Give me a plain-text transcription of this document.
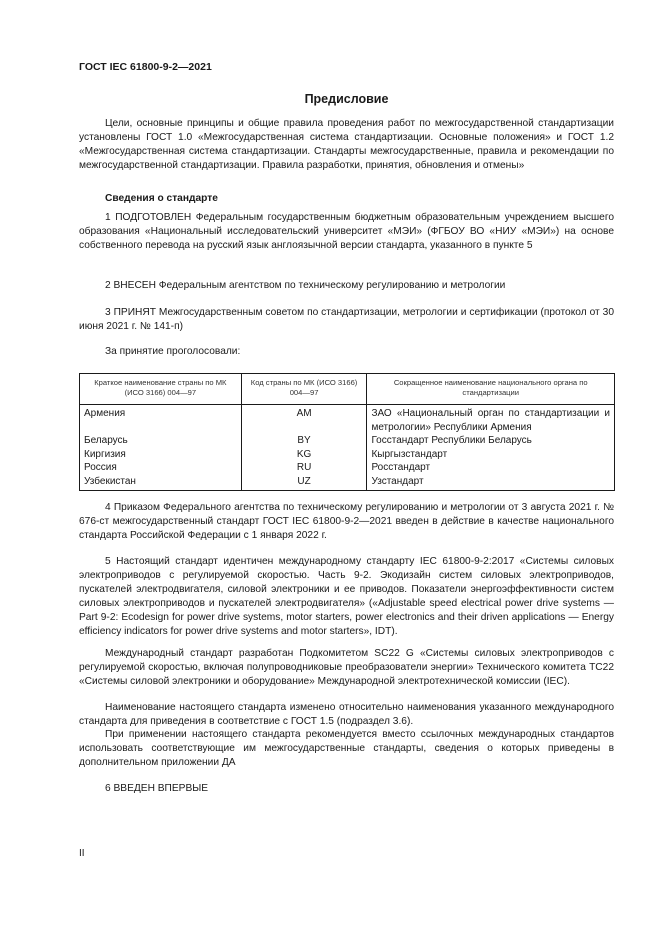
ГОСТ IEC 61800-9-2—2021
Предисловие

Цели, основные принципы и общие правила проведения работ по межгосударственной стандартизации установлены ГОСТ 1.0 «Межгосударственная система стандартизации. Основные положения» и ГОСТ 1.2 «Межгосударственная система стандартизации. Стандарты межгосударственные, правила и рекомендации по межгосударственной стандартизации. Правила разработки, принятия, обновления и отмены»

Сведения о стандарте

1 ПОДГОТОВЛЕН Федеральным государственным бюджетным образовательным учреждением высшего образования «Национальный исследовательский университет «МЭИ» (ФГБОУ ВО «НИУ «МЭИ») на основе собственного перевода на русский язык англоязычной версии стандарта, указанного в пункте 5

2 ВНЕСЕН Федеральным агентством по техническому регулированию и метрологии

3 ПРИНЯТ Межгосударственным советом по стандартизации, метрологии и сертификации (протокол от 30 июня 2021 г. № 141-п)

За принятие проголосовали:
Краткое наименование страны по МК (ИСО 3166) 004—97	Код страны по МК (ИСО 3166) 004—97	Сокращенное наименование национального органа по стандартизации
Армения	AM	ЗАО «Национальный орган по стандартизации и метрологии» Республики Армения
Беларусь	BY	Госстандарт Республики Беларусь
Киргизия	KG	Кыргызстандарт
Россия	RU	Росстандарт
Узбекистан	UZ	Узстандарт

4 Приказом Федерального агентства по техническому регулированию и метрологии от 3 августа 2021 г. № 676-ст межгосударственный стандарт ГОСТ IEC 61800-9-2—2021 введен в действие в качестве национального стандарта Российской Федерации с 1 января 2022 г.

5 Настоящий стандарт идентичен международному стандарту IEC 61800-9-2:2017 «Системы силовых электроприводов с регулируемой скоростью. Часть 9-2. Экодизайн систем силовых электроприводов, пускателей электродвигателя, силовой электроники и ее приводов. Показатели энергоэффективности систем силовых электроприводов и пускателей электродвигателя» («Adjustable speed electrical power drive systems — Part 9-2: Ecodesign for power drive systems, motor starters, power electronics and their driven applications — Energy efficiency indicators for power drive systems and motor starters», IDT).

Международный стандарт разработан Подкомитетом SC22 G «Системы силовых электроприводов с регулируемой скоростью, включая полупроводниковые преобразователи энергии» Технического комитета TC22 «Системы силовой электроники и оборудование» Международной электротехнической комиссии (IEC).

Наименование настоящего стандарта изменено относительно наименования указанного международного стандарта для приведения в соответствие с ГОСТ 1.5 (подраздел 3.6).

При применении настоящего стандарта рекомендуется вместо ссылочных международных стандартов использовать соответствующие им межгосударственные стандарты, сведения о которых приведены в дополнительном приложении ДА

6 ВВЕДЕН ВПЕРВЫЕ

II
